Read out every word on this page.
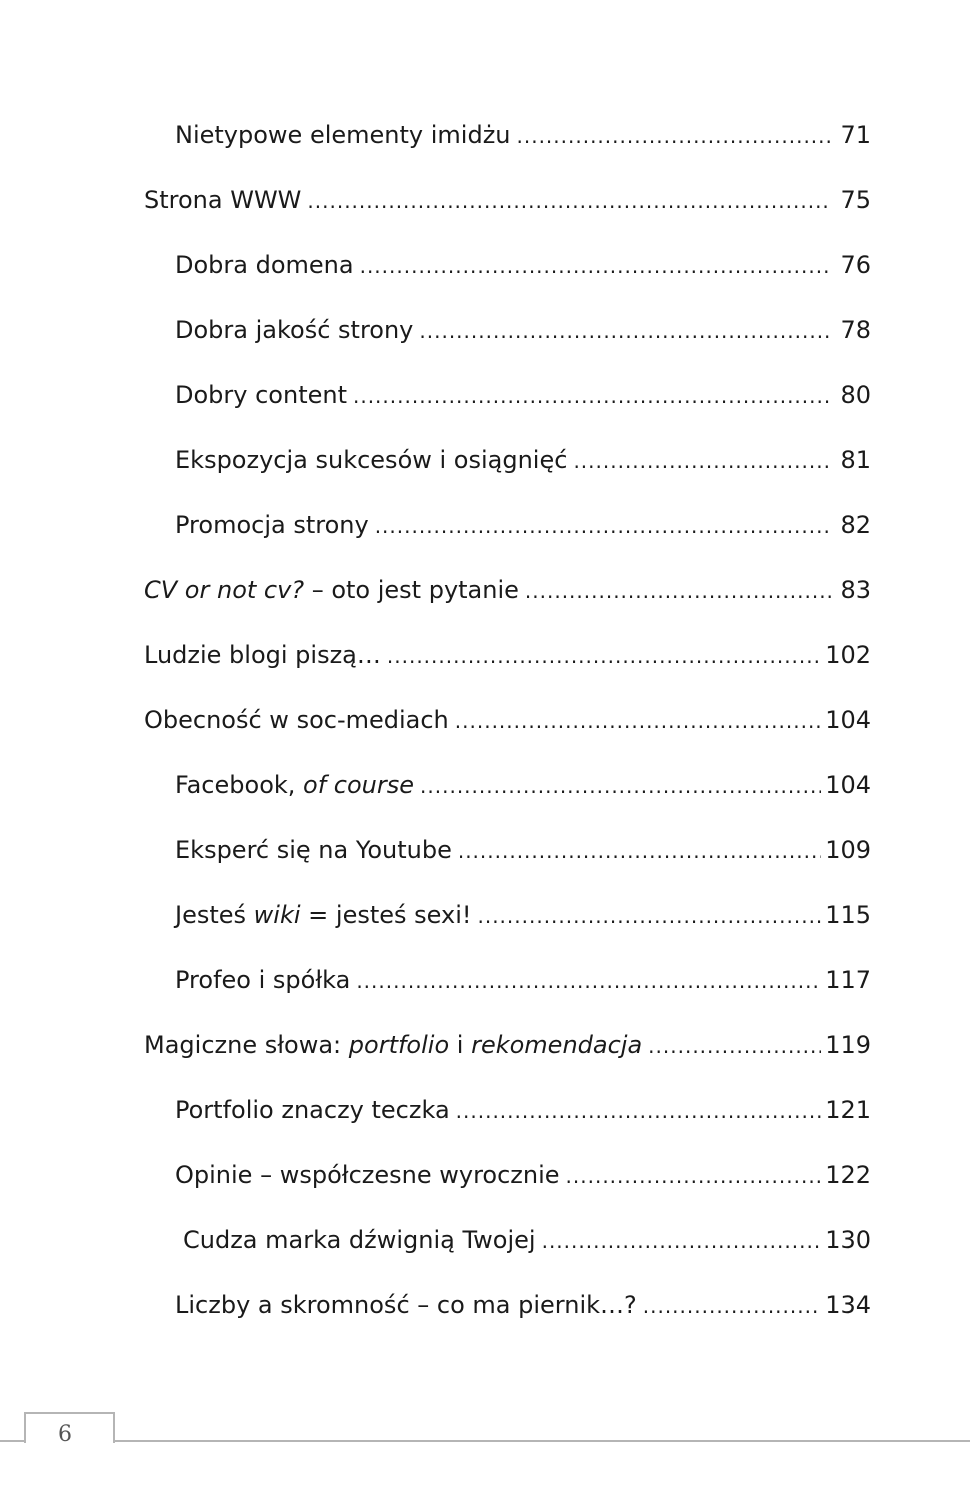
Nietypowe elementy imidżu .....	71
Strona WWW .....	75
Dobra domena .....	76
Dobra jakość strony .....	78
Dobry content .....	80
Ekspozycja sukcesów i osiągnięć .....	81
Promocja strony .....	82
CV or not cv? – oto jest pytanie .....	83
Ludzie blogi piszą… .....	102
Obecność w soc-mediach .....	104
Facebook, of course .....	104
Eksperć się na Youtube .....	109
Jesteś wiki = jesteś sexi! .....	115
Profeo i spółka .....	117
Magiczne słowa: portfolio i rekomendacja .....	119
Portfolio znaczy teczka .....	121
Opinie – współczesne wyrocznie .....	122
Cudza marka dźwignią Twojej .....	130
Liczby a skromność – co ma piernik…? .....	134
6
